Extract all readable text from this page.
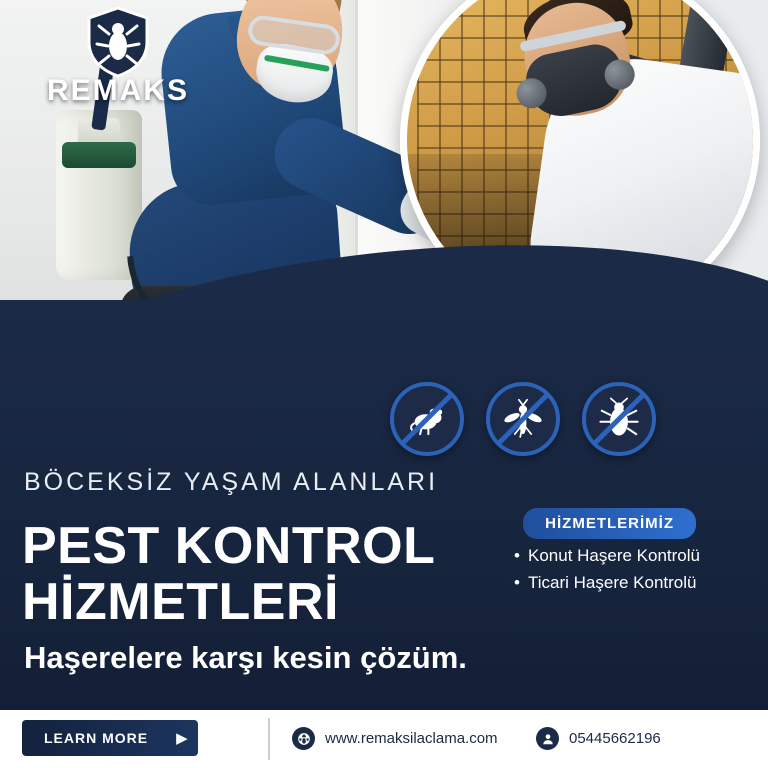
REMAKS
BÖCEKSİZ YAŞAM ALANLARI
PEST KONTROL
HİZMETLERİ
Haşerelere karşı kesin çözüm.
HİZMETLERİMİZ
• Konut Haşere Kontrolü
• Ticari Haşere Kontrolü
LEARN MORE ▶	www.remaksilaclama.com	05445662196
